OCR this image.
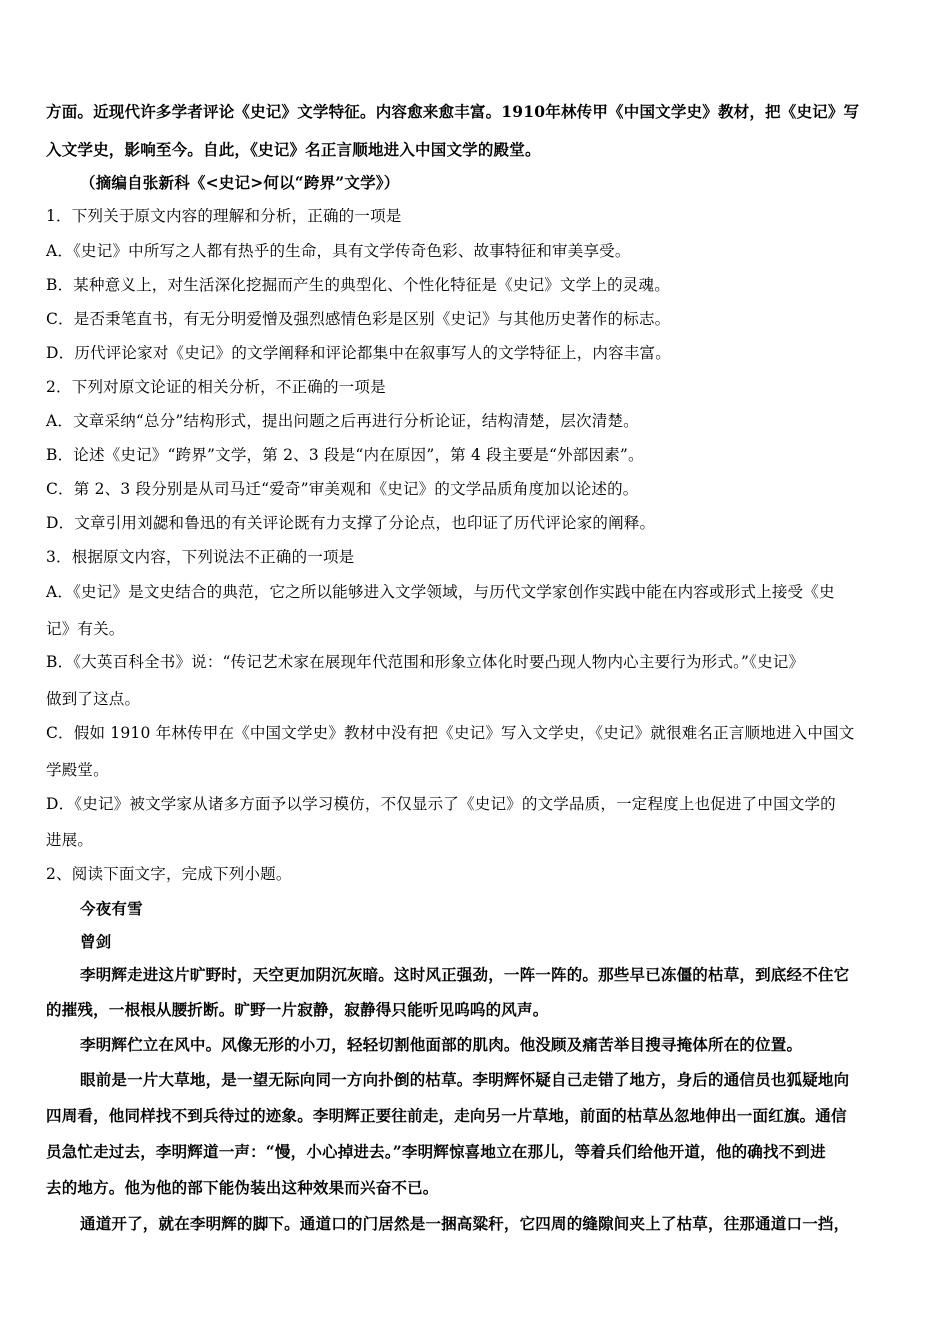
方面。近现代许多学者评论《史记》文学特征。内容愈来愈丰富。1910年林传甲《中国文学史》教材，把《史记》写
入文学史，影响至今。自此，《史记》名正言顺地进入中国文学的殿堂。
（摘编自张新科《<史记>何以“跨界”文学》）
1．下列关于原文内容的理解和分析，正确的一项是
A．《史记》中所写之人都有热乎的生命，具有文学传奇色彩、故事特征和审美享受。
B．某种意义上，对生活深化挖掘而产生的典型化、个性化特征是《史记》文学上的灵魂。
C．是否秉笔直书，有无分明爱憎及强烈感情色彩是区别《史记》与其他历史著作的标志。
D．历代评论家对《史记》的文学阐释和评论都集中在叙事写人的文学特征上，内容丰富。
2．下列对原文论证的相关分析，不正确的一项是
A．文章采纳“总分”结构形式，提出问题之后再进行分析论证，结构清楚，层次清楚。
B．论述《史记》“跨界”文学，第 2、3 段是“内在原因”，第 4 段主要是“外部因素”。
C．第 2、3 段分别是从司马迁“爱奇”审美观和《史记》的文学品质角度加以论述的。
D．文章引用刘勰和鲁迅的有关评论既有力支撑了分论点，也印证了历代评论家的阐释。
3．根据原文内容，下列说法不正确的一项是
A．《史记》是文史结合的典范，它之所以能够进入文学领域，与历代文学家创作实践中能在内容或形式上接受《史
记》有关。
B．《大英百科全书》说：“传记艺术家在展现年代范围和形象立体化时要凸现人物内心主要行为形式。”《史记》
做到了这点。
C．假如 1910 年林传甲在《中国文学史》教材中没有把《史记》写入文学史，《史记》就很难名正言顺地进入中国文
学殿堂。
D．《史记》被文学家从诸多方面予以学习模仿，不仅显示了《史记》的文学品质，一定程度上也促进了中国文学的
进展。
2、阅读下面文字，完成下列小题。
今夜有雪
曾剑
李明辉走进这片旷野时，天空更加阴沉灰暗。这时风正强劲，一阵一阵的。那些早已冻僵的枯草，到底经不住它
的摧残，一根根从腰折断。旷野一片寂静，寂静得只能听见呜呜的风声。
李明辉伫立在风中。风像无形的小刀，轻轻切割他面部的肌肉。他没顾及痛苦举目搜寻掩体所在的位置。
眼前是一片大草地，是一望无际向同一方向扑倒的枯草。李明辉怀疑自己走错了地方，身后的通信员也狐疑地向
四周看，他同样找不到兵待过的迹象。李明辉正要往前走，走向另一片草地，前面的枯草丛忽地伸出一面红旗。通信
员急忙走过去，李明辉道一声：“慢，小心掉进去。”李明辉惊喜地立在那儿，等着兵们给他开道，他的确找不到进
去的地方。他为他的部下能伪装出这种效果而兴奋不已。
通道开了，就在李明辉的脚下。通道口的门居然是一捆高粱秆，它四周的缝隙间夹上了枯草，往那通道口一挡，
